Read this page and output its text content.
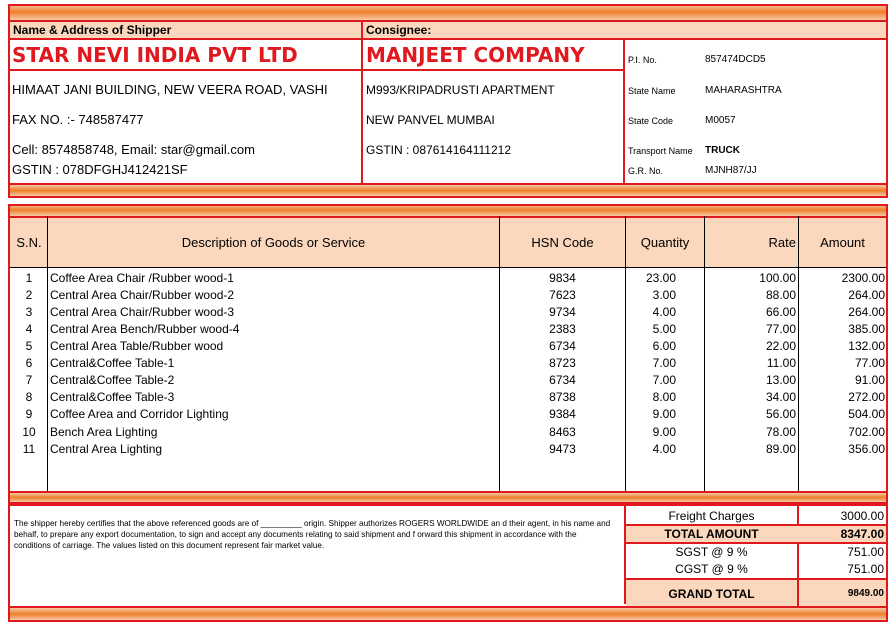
Name & Address of Shipper	Consignee:
STAR NEVI INDIA PVT LTD	MANJEET COMPANY
HIMAAT JANI BUILDING, NEW VEERA ROAD, VASHI
FAX NO. :- 748587477
Cell: 8574858748, Email: star@gmail.com
GSTIN : 078DFGHJ412421SF
M993/KRIPADRUSTI APARTMENT
NEW PANVEL MUMBAI
GSTIN : 087614164111212
P.I. No.	857474DCD5
State Name	MAHARASHTRA
State Code	M0057
Transport Name TRUCK
G.R. No.	MJNH87/JJ
S.N.	Description of Goods or Service	HSN Code	Quantity	Rate	Amount
1	Coffee Area Chair /Rubber wood-1	9834	23.00	100.00	2300.00
2	Central Area Chair/Rubber wood-2	7623	3.00	88.00	264.00
3	Central Area Chair/Rubber wood-3	9734	4.00	66.00	264.00
4	Central Area Bench/Rubber wood-4	2383	5.00	77.00	385.00
5	Central Area Table/Rubber wood	6734	6.00	22.00	132.00
6	Central&Coffee Table-1	8723	7.00	11.00	77.00
7	Central&Coffee Table-2	6734	7.00	13.00	91.00
8	Central&Coffee Table-3	8738	8.00	34.00	272.00
9	Coffee Area and Corridor Lighting	9384	9.00	56.00	504.00
10	Bench Area Lighting	8463	9.00	78.00	702.00
11	Central Area Lighting	9473	4.00	89.00	356.00
The shipper hereby certifies that the above referenced goods are of _________ origin. Shipper authorizes ROGERS WORLDWIDE an d their agent, in his name and behalf, to prepare any export documentation, to sign and accept any documents relating to said shipment and f orward this shipment in accordance with the conditions of carriage. The values listed on this document represent fair market value.
Freight Charges	3000.00
TOTAL AMOUNT	8347.00
SGST @ 9 %	751.00
CGST @ 9 %	751.00
GRAND TOTAL	9849.00
